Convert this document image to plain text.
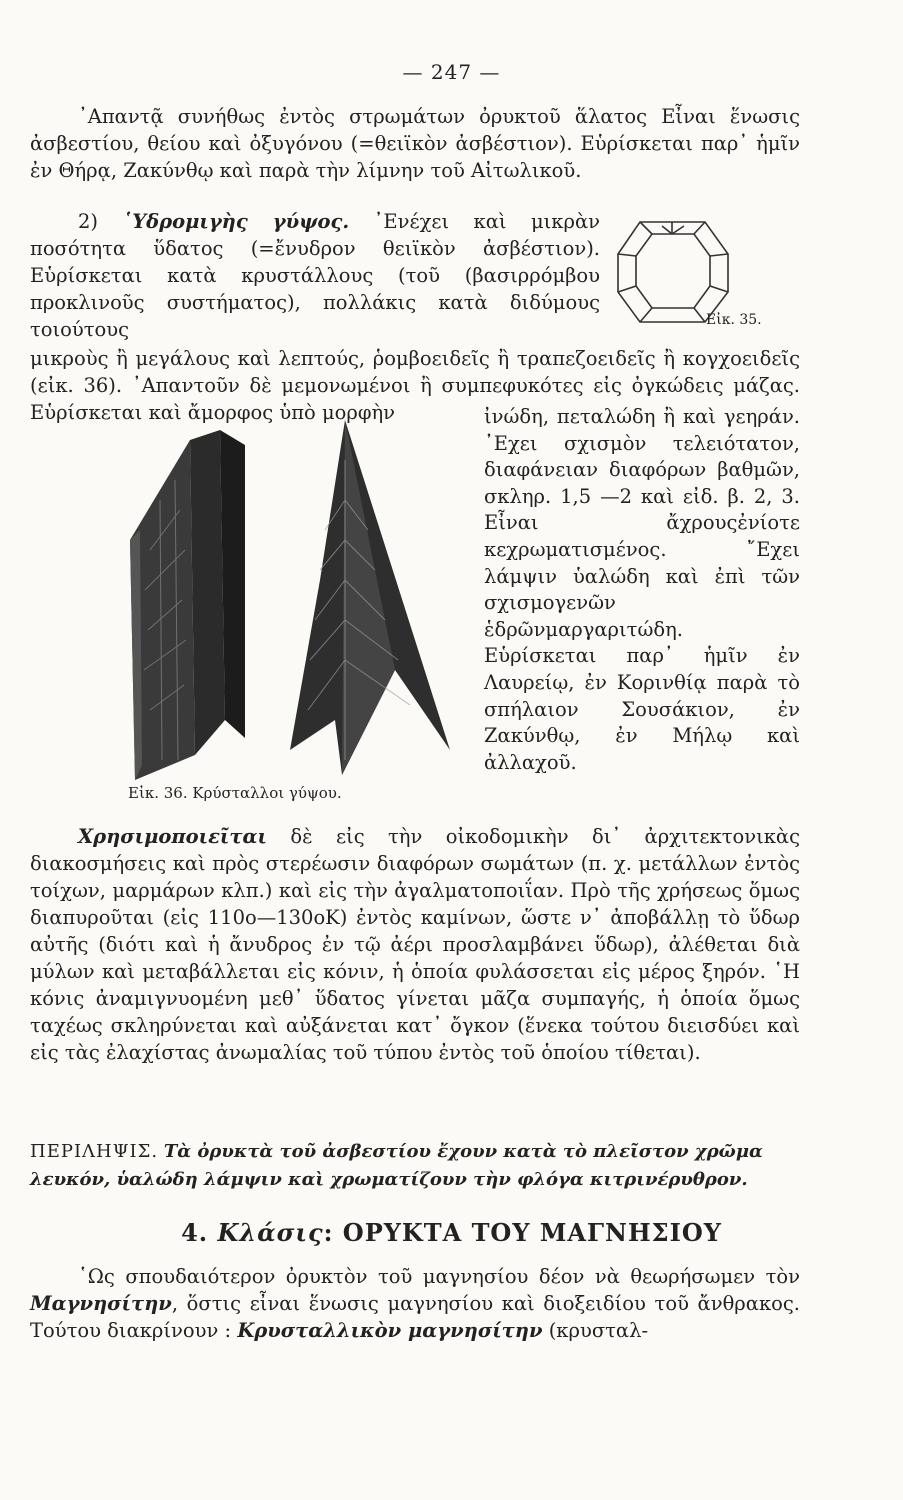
— 247 —

᾽Απαντᾷ συνήθως ἐντὸς στρωμάτων ὀρυκτοῦ ἅλατος Εἶναι ἕνωσις ἀσβεστίου, θείου καὶ ὀξυγόνου (=θειϊκὸν ἀσβέστιον). Εὑρίσκεται παρ᾽ ἡμῖν ἐν Θήρᾳ, Ζακύνθῳ καὶ παρὰ τὴν λίμνην τοῦ Αἰτωλικοῦ.

2) ῾Υδρομιγὴς γύψος. ᾽Ενέχει καὶ μικρὰν ποσότητα ὕδατος (=ἔνυδρον θειϊκὸν ἀσβέστιον). Εὑρίσκεται κατὰ κρυστάλλους (τοῦ (βασιρρόμβου προκλινοῦς συστήματος), πολλάκις κατὰ διδύμους τοιούτους	Εἰκ. 35.

μικροὺς ἢ μεγάλους καὶ λεπτούς, ῥομβοειδεῖς ἢ τραπεζοειδεῖς ἢ κογχοειδεῖς (εἰκ. 36). ᾽Απαντοῦν δὲ μεμονωμένοι ἢ συμπεφυκότες εἰς ὀγκώδεις μάζας. Εὑρίσκεται καὶ ἄμορφος ὑπὸ μορφὴν

Εἰκ. 36. Κρύσταλλοι γύψου.

ἰνώδη, πεταλώδη ἢ καὶ γεηράν. ᾽Εχει σχισμὸν τελειότατον, διαφάνειαν διαφόρων βαθμῶν, σκληρ. 1,5 —2 καὶ εἰδ. β. 2, 3. Εἶναι ἄχρουςἐνίοτε κεχρωματισμένος. ῎Εχει λάμψιν ὑαλώδη καὶ ἐπὶ τῶν σχισμογενῶν ἑδρῶνμαργαριτώδη. Εὑρίσκεται παρ᾽ ἡμῖν ἐν Λαυρείῳ, ἐν Κορινθίᾳ παρὰ τὸ σπήλαιον Σουσάκιον, ἐν Ζακύνθῳ, ἐν Μήλῳ καὶ ἀλλαχοῦ.

Χρησιμοποιεῖται δὲ εἰς τὴν οἰκοδομικὴν δι᾽ ἀρχιτεκτονικὰς διακοσμήσεις καὶ πρὸς στερέωσιν διαφόρων σωμάτων (π. χ. μετάλλων ἐντὸς τοίχων, μαρμάρων κλπ.) καὶ εἰς τὴν ἀγαλματοποιΐαν. Πρὸ τῆς χρήσεως ὅμως διαπυροῦται (εἰς 110ο—130οΚ) ἐντὸς καμίνων, ὥστε ν᾽ ἀποβάλλῃ τὸ ὕδωρ αὐτῆς (διότι καὶ ἡ ἄνυδρος ἐν τῷ ἀέρι προσλαμβάνει ὕδωρ), ἀλέθεται διὰ μύλων καὶ μεταβάλλεται εἰς κόνιν, ἡ ὁποία φυλάσσεται εἰς μέρος ξηρόν. ῾Η κόνις ἀναμιγνυομένη μεθ᾽ ὕδατος γίνεται μᾶζα συμπαγής, ἡ ὁποία ὅμως ταχέως σκληρύνεται καὶ αὐξάνεται κατ᾽ ὄγκον (ἕνεκα τούτου διεισδύει καὶ εἰς τὰς ἐλαχίστας ἀνωμαλίας τοῦ τύπου ἐντὸς τοῦ ὁποίου τίθεται).

ΠΕΡΙΛΗΨΙΣ. Τὰ ὀρυκτὰ τοῦ ἀσβεστίου ἔχουν κατὰ τὸ πλεῖστον χρῶμα λευκόν, ὑαλώδη λάμψιν καὶ χρωματίζουν τὴν φλόγα κιτρινέρυθρον.

4. Κλάσις: ΟΡΥΚΤΑ ΤΟΥ ΜΑΓΝΗΣΙΟΥ

῾Ως σπουδαιότερον ὀρυκτὸν τοῦ μαγνησίου δέον νὰ θεωρήσωμεν τὸν Μαγνησίτην, ὅστις εἶναι ἕνωσις μαγνησίου καὶ διοξειδίου τοῦ ἄνθρακος. Τούτου διακρίνουν : Κρυσταλλικὸν μαγνησίτην (κρυσταλ-
